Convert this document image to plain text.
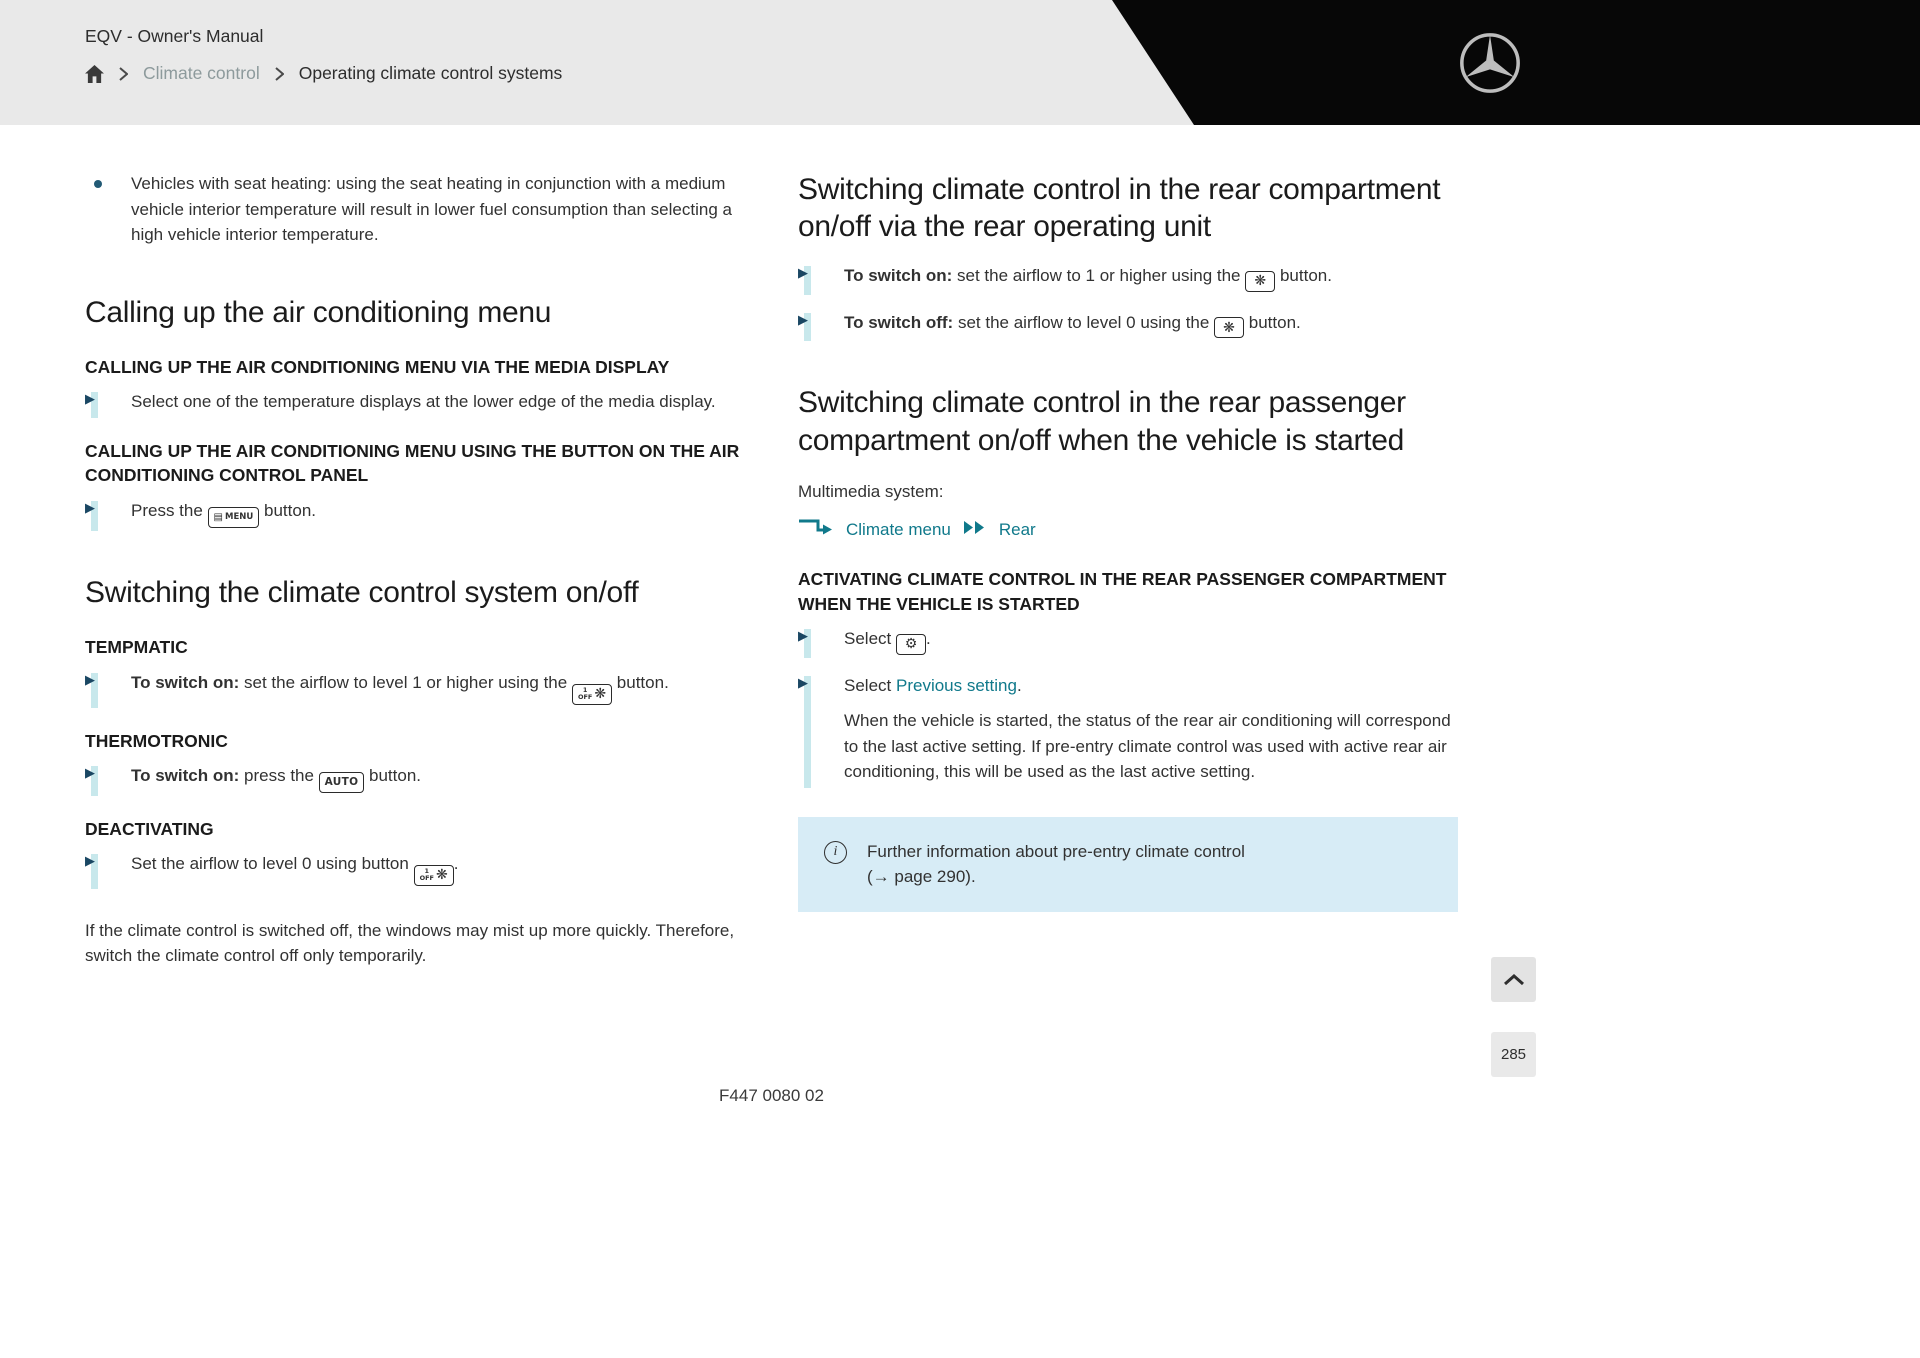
EQV - Owner's Manual
Climate control Operating climate control systems

Vehicles with seat heating: using the seat heating in conjunction with a medium vehicle interior temperature will result in lower fuel consumption than selecting a high vehicle interior temperature.

Calling up the air conditioning menu
CALLING UP THE AIR CONDITIONING MENU VIA THE MEDIA DISPLAY
▶ Select one of the temperature displays at the lower edge of the media display.

CALLING UP THE AIR CONDITIONING MENU USING THE BUTTON ON THE AIR CONDITIONING CONTROL PANEL
▶ Press the ▤ MENU button.

Switching the climate control system on/off
TEMPMATIC
▶ To switch on: set the airflow to level 1 or higher using the 1
OFF ❋
button.

THERMOTRONIC
▶ To switch on: press the AUTO button.

DEACTIVATING
▶ Set the airflow to level 0 using button 1
OFF ❋
.

If the climate control is switched off, the windows may mist up more quickly. Therefore, switch the climate control off only temporarily.

Switching climate control in the rear compartment on/off via the rear operating unit
▶ To switch on: set the airflow to 1 or higher using the ❋ button.

▶ To switch off: set the airflow to level 0 using the ❋ button.

Switching climate control in the rear passenger compartment on/off when the vehicle is started

Multimedia system:

Climate menu	Rear
ACTIVATING CLIMATE CONTROL IN THE REAR PASSENGER COMPARTMENT WHEN THE VEHICLE IS STARTED
▶ Select ⚙ .

▶ Select Previous setting.

When the vehicle is started, the status of the rear air conditioning will correspond to the last active setting. If pre-entry climate control was used with active rear air conditioning, this will be used as the last active setting.

i	Further information about pre-entry climate control
(→ page 290).

285
F447 0080 02
